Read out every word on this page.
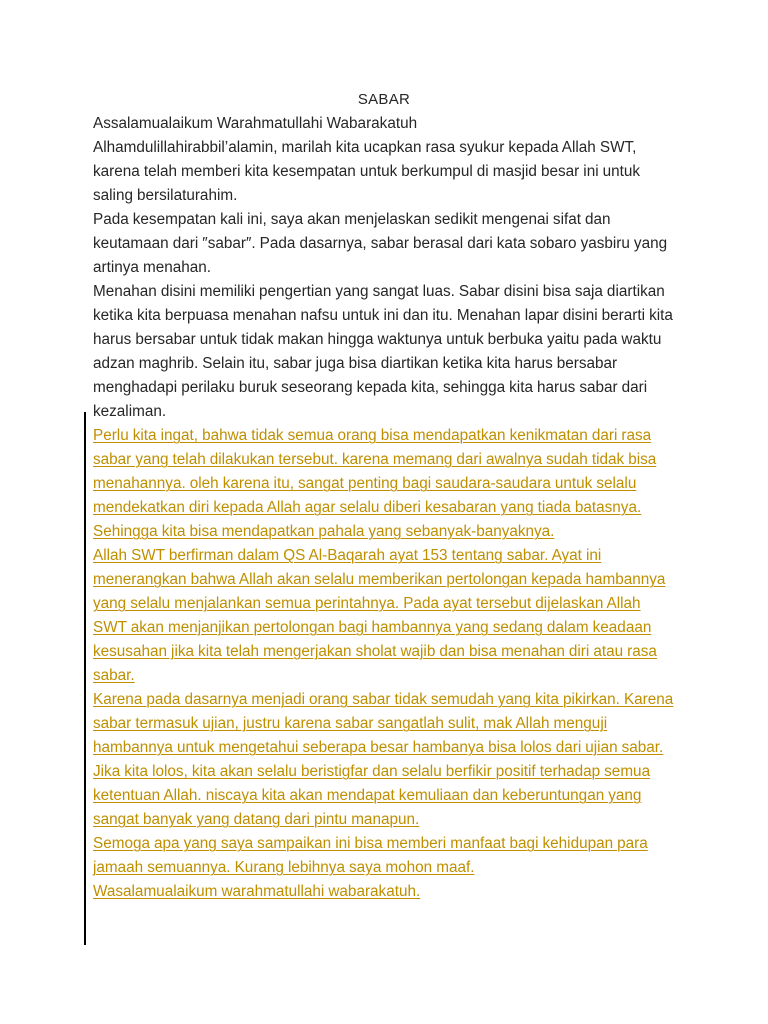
SABAR

Assalamualaikum Warahmatullahi Wabarakatuh

Alhamdulillahirabbil’alamin, marilah kita ucapkan rasa syukur kepada Allah SWT, karena telah memberi kita kesempatan untuk berkumpul di masjid besar ini untuk saling bersilaturahim.

Pada kesempatan kali ini, saya akan menjelaskan sedikit mengenai sifat dan keutamaan dari ″sabar″. Pada dasarnya, sabar berasal dari kata sobaro yasbiru yang artinya menahan.

Menahan disini memiliki pengertian yang sangat luas. Sabar disini bisa saja diartikan ketika kita berpuasa menahan nafsu untuk ini dan itu. Menahan lapar disini berarti kita harus bersabar untuk tidak makan hingga waktunya untuk berbuka yaitu pada waktu adzan maghrib. Selain itu, sabar juga bisa diartikan ketika kita harus bersabar menghadapi perilaku buruk seseorang kepada kita, sehingga kita harus sabar dari kezaliman.

Perlu kita ingat, bahwa tidak semua orang bisa mendapatkan kenikmatan dari rasa sabar yang telah dilakukan tersebut. karena memang dari awalnya sudah tidak bisa menahannya. oleh karena itu, sangat penting bagi saudara-saudara untuk selalu mendekatkan diri kepada Allah agar selalu diberi kesabaran yang tiada batasnya. Sehingga kita bisa mendapatkan pahala yang sebanyak-banyaknya.

Allah SWT berfirman dalam QS Al-Baqarah ayat 153 tentang sabar. Ayat ini menerangkan bahwa Allah akan selalu memberikan pertolongan kepada hambannya yang selalu menjalankan semua perintahnya. Pada ayat tersebut dijelaskan Allah SWT akan menjanjikan pertolongan bagi hambannya yang sedang dalam keadaan kesusahan jika kita telah mengerjakan sholat wajib dan bisa menahan diri atau rasa sabar.

Karena pada dasarnya menjadi orang sabar tidak semudah yang kita pikirkan. Karena sabar termasuk ujian, justru karena sabar sangatlah sulit, mak Allah menguji hambannya untuk mengetahui seberapa besar hambanya bisa lolos dari ujian sabar. Jika kita lolos, kita akan selalu beristigfar dan selalu berfikir positif terhadap semua ketentuan Allah. niscaya kita akan mendapat kemuliaan dan keberuntungan yang sangat banyak yang datang dari pintu manapun.

Semoga apa yang saya sampaikan ini bisa memberi manfaat bagi kehidupan para jamaah semuannya. Kurang lebihnya saya mohon maaf.

Wasalamualaikum warahmatullahi wabarakatuh.
